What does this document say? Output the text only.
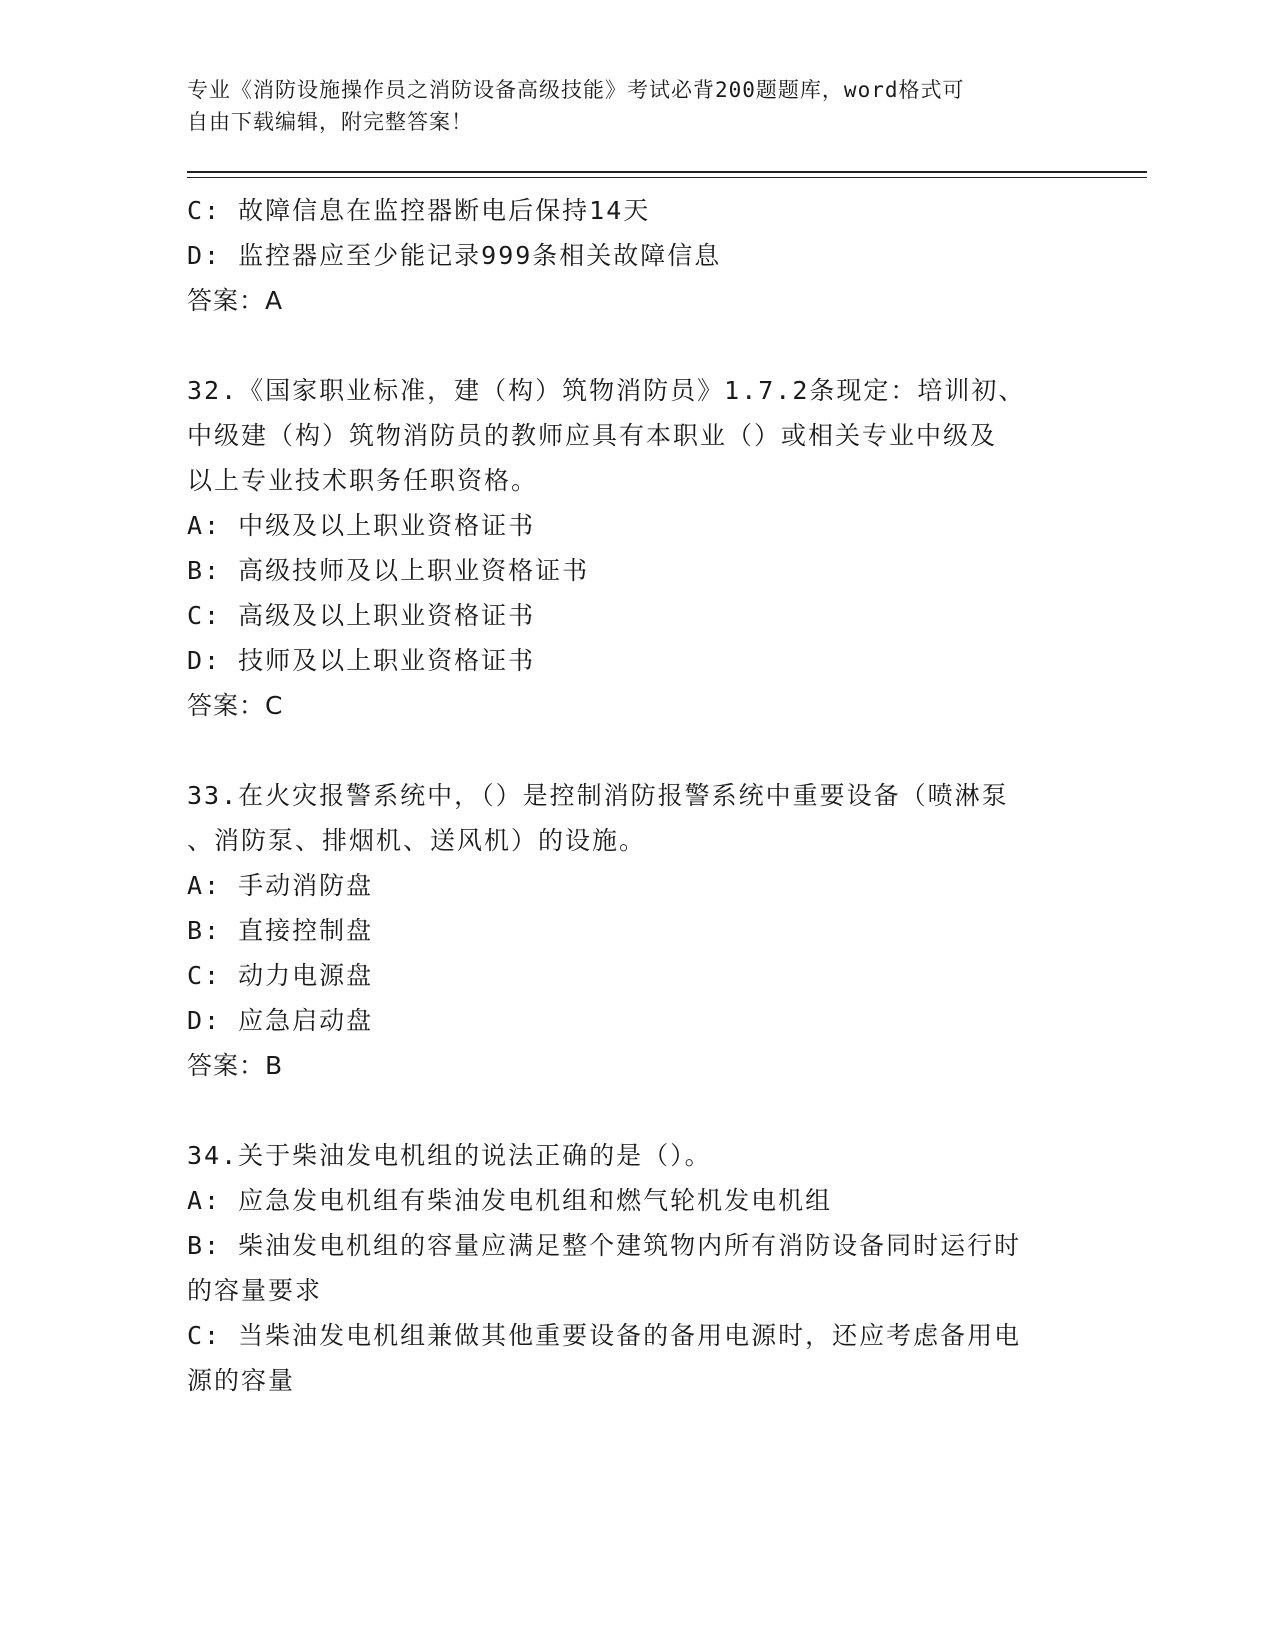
专业《消防设施操作员之消防设备高级技能》考试必背200题题库，word格式可
自由下载编辑，附完整答案！
C: 故障信息在监控器断电后保持14天
D: 监控器应至少能记录999条相关故障信息
答案：A
32.《国家职业标准，建（构）筑物消防员》1.7.2条现定：培训初、
中级建（构）筑物消防员的教师应具有本职业（）或相关专业中级及
以上专业技术职务任职资格。
A: 中级及以上职业资格证书
B: 高级技师及以上职业资格证书
C: 高级及以上职业资格证书
D: 技师及以上职业资格证书
答案：C
33.在火灾报警系统中，（）是控制消防报警系统中重要设备（喷淋泵
、消防泵、排烟机、送风机）的设施。
A: 手动消防盘
B: 直接控制盘
C: 动力电源盘
D: 应急启动盘
答案：B
34.关于柴油发电机组的说法正确的是（）。
A: 应急发电机组有柴油发电机组和燃气轮机发电机组
B: 柴油发电机组的容量应满足整个建筑物内所有消防设备同时运行时
的容量要求
C: 当柴油发电机组兼做其他重要设备的备用电源时，还应考虑备用电
源的容量
